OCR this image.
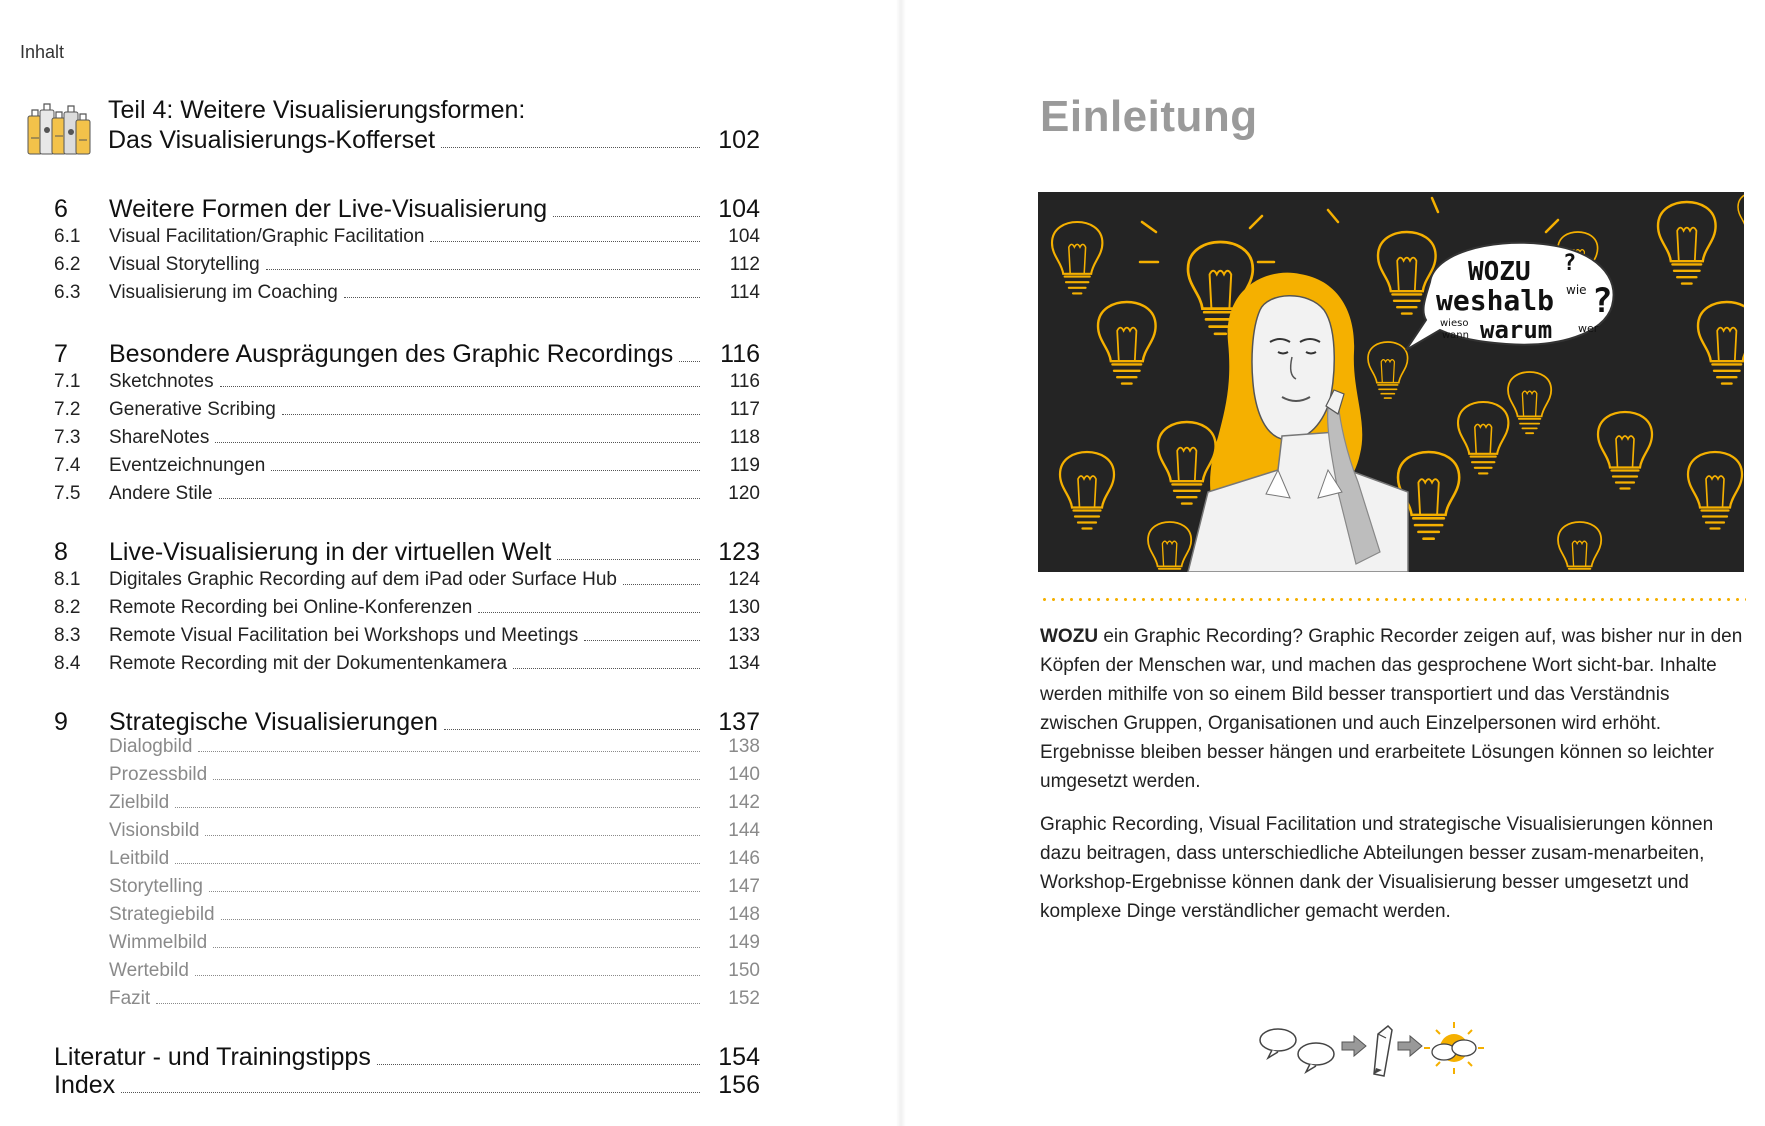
Inhalt
Teil 4: Weitere Visualisierungsformen:
Das Visualisierungs-Kofferset	102
6	Weitere Formen der Live-Visualisierung	104
6.1	Visual Facilitation/Graphic Facilitation	104
6.2	Visual Storytelling	112
6.3	Visualisierung im Coaching	114
7	Besondere Ausprägungen des Graphic Recordings	116
7.1	Sketchnotes	116
7.2	Generative Scribing	117
7.3	ShareNotes	118
7.4	Eventzeichnungen	119
7.5	Andere Stile	120
8	Live-Visualisierung in der virtuellen Welt	123
8.1	Digitales Graphic Recording auf dem iPad oder Surface Hub	124
8.2	Remote Recording bei Online-Konferenzen	130
8.3	Remote Visual Facilitation bei Workshops und Meetings	133
8.4	Remote Recording mit der Dokumentenkamera	134
9	Strategische Visualisierungen	137
Dialogbild	138
Prozessbild	140
Zielbild	142
Visionsbild	144
Leitbild	146
Storytelling	147
Strategiebild	148
Wimmelbild	149
Wertebild	150
Fazit	152
Literatur - und Trainingstipps	154
Index	156
Einleitung
WOZU ?
weshalb wie ?
warum wer
wieso
wann

WOZU ein Graphic Recording? Graphic Recorder zeigen auf, was bisher nur in den Köpfen der Menschen war, und machen das gesprochene Wort sicht-bar. Inhalte werden mithilfe von so einem Bild besser transportiert und das Verständnis zwischen Gruppen, Organisationen und auch Einzelpersonen wird erhöht. Ergebnisse bleiben besser hängen und erarbeitete Lösungen können so leichter umgesetzt werden.

Graphic Recording, Visual Facilitation und strategische Visualisierungen können dazu beitragen, dass unterschiedliche Abteilungen besser zusam-menarbeiten, Workshop-Ergebnisse können dank der Visualisierung besser umgesetzt und komplexe Dinge verständlicher gemacht werden.
